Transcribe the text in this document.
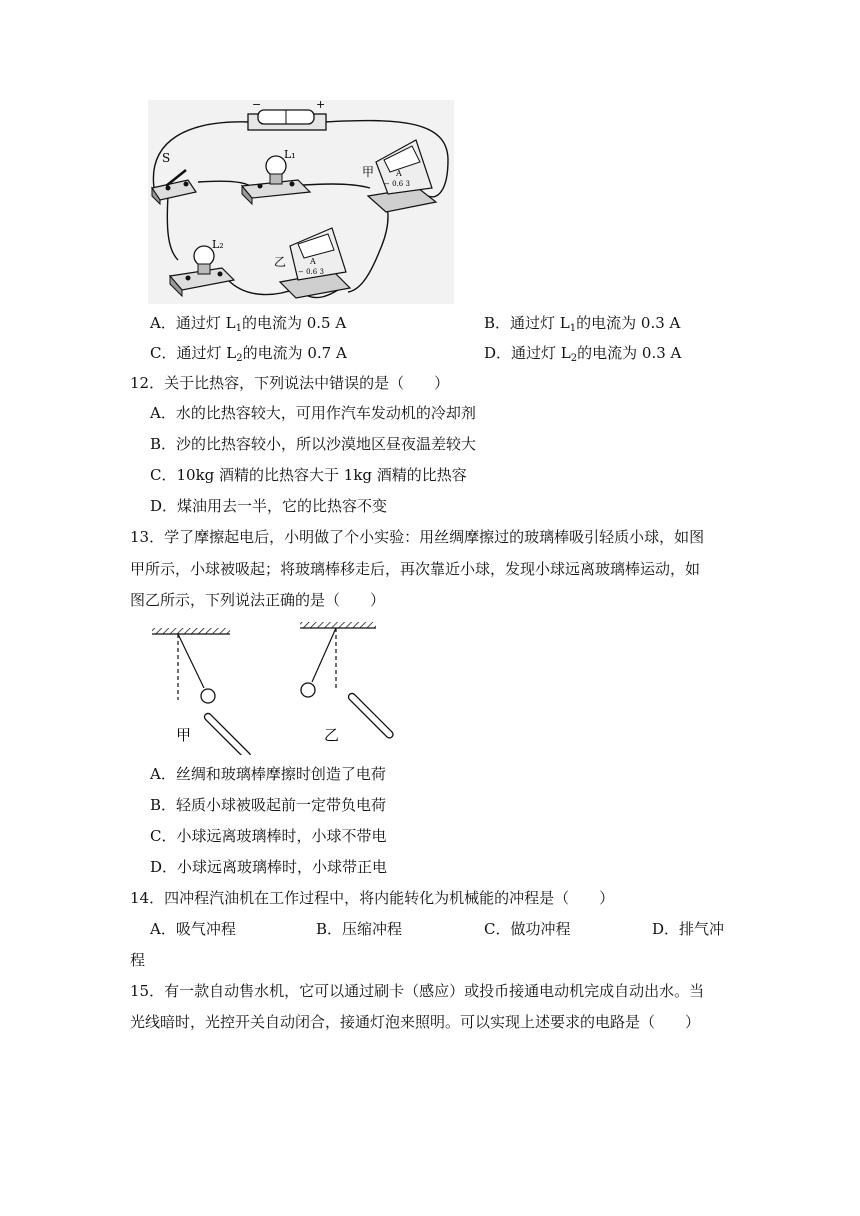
−	+
S	L₁
A
− 0.6 3
甲
L₂
A
− 0.6 3
乙
A．通过灯 $L_1$的电流为 0.5 A	B．通过灯 $L_1$的电流为 0.3 A
C．通过灯 $L_2$的电流为 0.7 A	D．通过灯 $L_2$的电流为 0.3 A
12．关于比热容，下列说法中错误的是（　　）
A．水的比热容较大，可用作汽车发动机的冷却剂
B．沙的比热容较小，所以沙漠地区昼夜温差较大
C．10kg 酒精的比热容大于 1kg 酒精的比热容
D．煤油用去一半，它的比热容不变
13．学了摩擦起电后，小明做了个小实验：用丝绸摩擦过的玻璃棒吸引轻质小球，如图
甲所示，小球被吸起；将玻璃棒移走后，再次靠近小球，发现小球远离玻璃棒运动，如
图乙所示，下列说法正确的是（　　）
甲	乙
A．丝绸和玻璃棒摩擦时创造了电荷
B．轻质小球被吸起前一定带负电荷
C．小球远离玻璃棒时，小球不带电
D．小球远离玻璃棒时，小球带正电
14．四冲程汽油机在工作过程中，将内能转化为机械能的冲程是（　　）
A．吸气冲程	B．压缩冲程	C．做功冲程	D．排气冲
程
15．有一款自动售水机，它可以通过刷卡（感应）或投币接通电动机完成自动出水。当
光线暗时，光控开关自动闭合，接通灯泡来照明。可以实现上述要求的电路是（　　）
